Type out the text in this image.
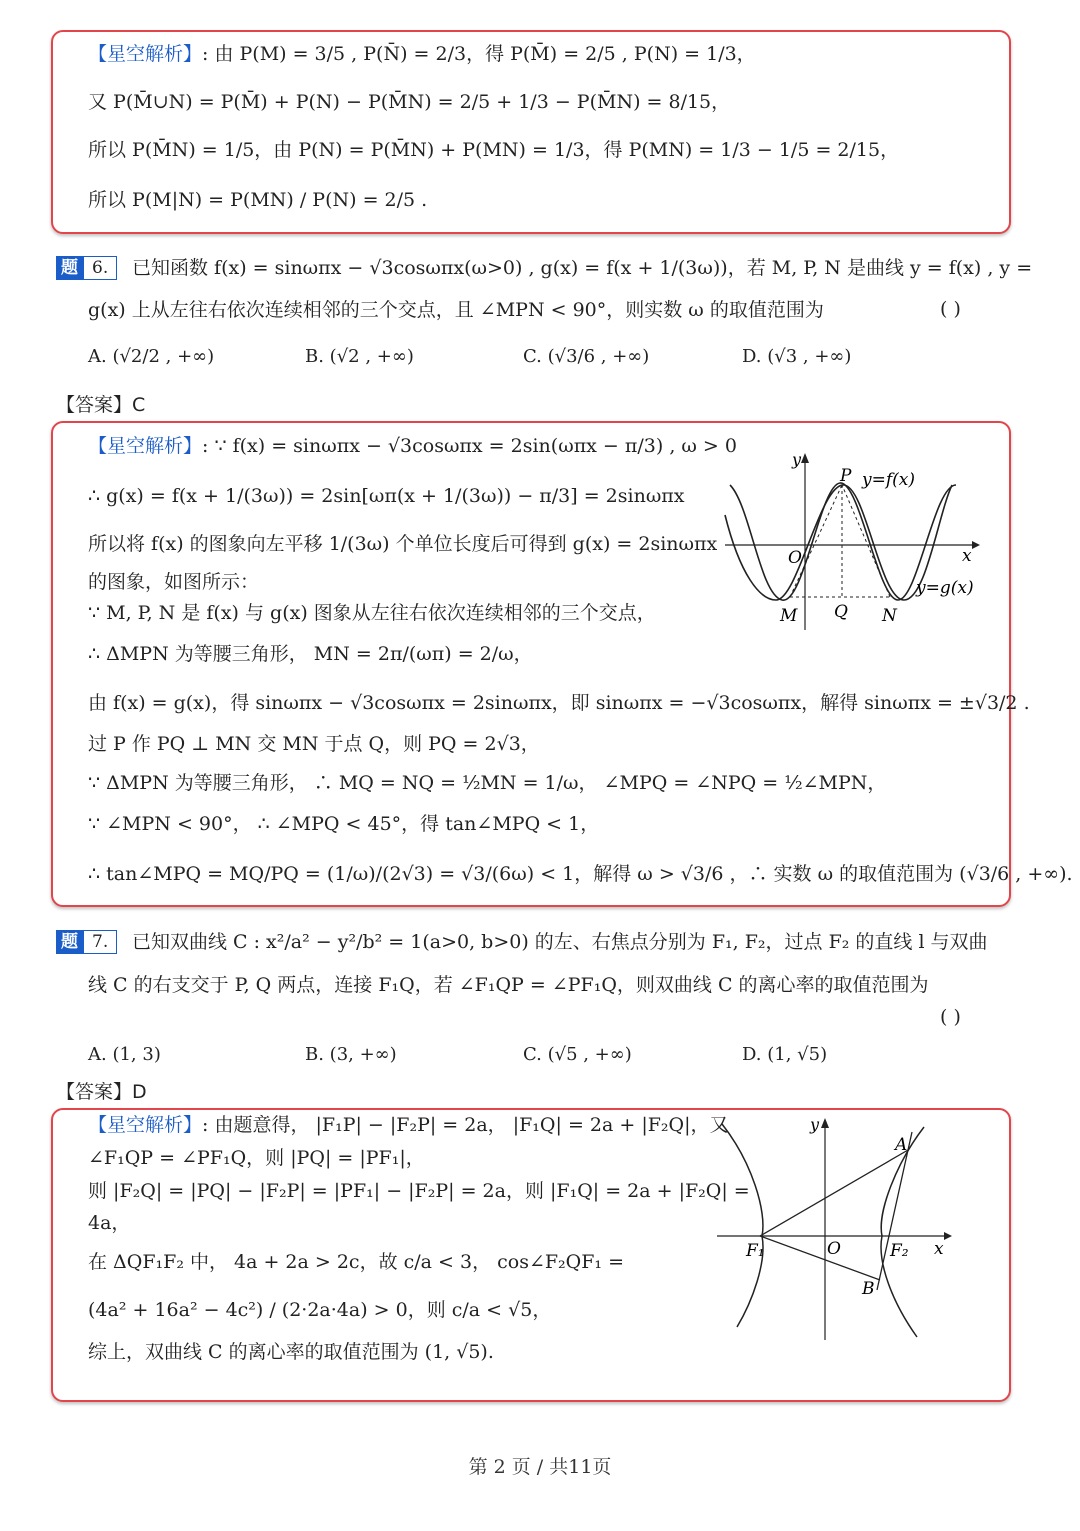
【星空解析】: 由 P(M) = 3/5 , P(N̄) = 2/3，得 P(M̄) = 2/5 , P(N) = 1/3，
又 P(M̄∪N) = P(M̄) + P(N) − P(M̄N) = 2/5 + 1/3 − P(M̄N) = 8/15，
所以 P(M̄N) = 1/5，由 P(N) = P(M̄N) + P(MN) = 1/3，得 P(MN) = 1/3 − 1/5 = 2/15，
所以 P(M|N) = P(MN) / P(N) = 2/5 .
题 6.	已知函数 f(x) = sinωπx − √3cosωπx(ω>0) , g(x) = f(x + 1/(3ω))，若 M, P, N 是曲线 y = f(x) , y =
g(x) 上从左往右依次连续相邻的三个交点，且 ∠MPN < 90°，则实数 ω 的取值范围为	( )
A. (√2/2 , +∞)	B. (√2 , +∞)	C. (√3/6 , +∞)	D. (√3 , +∞)
【答案】C
【星空解析】: ∵ f(x) = sinωπx − √3cosωπx = 2sin(ωπx − π/3) , ω > 0
∴ g(x) = f(x + 1/(3ω)) = 2sin[ωπ(x + 1/(3ω)) − π/3] = 2sinωπx
所以将 f(x) 的图象向左平移 1/(3ω) 个单位长度后可得到 g(x) = 2sinωπx
的图象，如图所示：
∵ M, P, N 是 f(x) 与 g(x) 图象从左往右依次连续相邻的三个交点，
∴ ΔMPN 为等腰三角形， MN = 2π/(ωπ) = 2/ω，
由 f(x) = g(x)，得 sinωπx − √3cosωπx = 2sinωπx，即 sinωπx = −√3cosωπx，解得 sinωπx = ±√3/2 .
过 P 作 PQ ⊥ MN 交 MN 于点 Q，则 PQ = 2√3，
∵ ΔMPN 为等腰三角形， ∴ MQ = NQ = ½MN = 1/ω， ∠MPQ = ∠NPQ = ½∠MPN，
∵ ∠MPN < 90°， ∴ ∠MPQ < 45°，得 tan∠MPQ < 1，
∴ tan∠MPQ = MQ/PQ = (1/ω)/(2√3) = √3/(6ω) < 1，解得 ω > √3/6 ，∴ 实数 ω 的取值范围为 (√3/6 , +∞).
y
x
O
P
Q
M	N
y=f(x)
y=g(x)
题 7.	已知双曲线 C : x²/a² − y²/b² = 1(a>0, b>0) 的左、右焦点分别为 F₁, F₂，过点 F₂ 的直线 l 与双曲
线 C 的右支交于 P, Q 两点，连接 F₁Q，若 ∠F₁QP = ∠PF₁Q，则双曲线 C 的离心率的取值范围为
( )
A. (1, 3)	B. (3, +∞)	C. (√5 , +∞)	D. (1, √5)
【答案】D
【星空解析】: 由题意得， |F₁P| − |F₂P| = 2a， |F₁Q| = 2a + |F₂Q|，又
∠F₁QP = ∠PF₁Q，则 |PQ| = |PF₁|，
则 |F₂Q| = |PQ| − |F₂P| = |PF₁| − |F₂P| = 2a，则 |F₁Q| = 2a + |F₂Q| =
4a，
在 ΔQF₁F₂ 中， 4a + 2a > 2c，故 c/a < 3， cos∠F₂QF₁ =
(4a² + 16a² − 4c²) / (2·2a·4a) > 0，则 c/a < √5，
综上，双曲线 C 的离心率的取值范围为 (1, √5).
y
x
O
A
B
F₁	F₂
第 2 页 / 共11页
